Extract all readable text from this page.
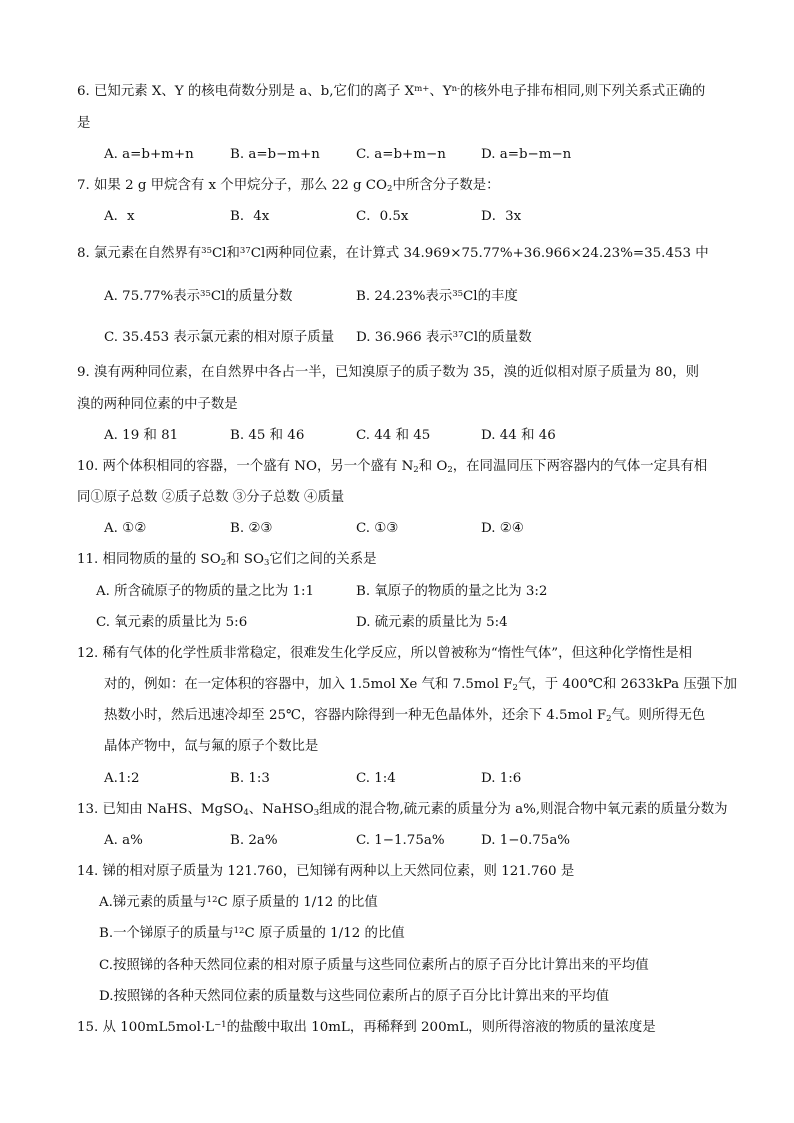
6. 已知元素 X、Y 的核电荷数分别是 a、b,它们的离子 $X^{m+}$、$Y^{n-}$的核外电子排布相同,则下列关系式正确的
是
A. a=b+m+n	B. a=b−m+n	C. a=b+m−n	D. a=b−m−n
7. 如果 2 g 甲烷含有 x 个甲烷分子，那么 22 g $CO_2$中所含分子数是：
A．x	B．4x	C．0.5x	D．3x
8. 氯元素在自然界有$^{35}$Cl和$^{37}$Cl两种同位素，在计算式 34.969×75.77%+36.966×24.23%=35.453 中
A. 75.77%表示$^{35}$Cl的质量分数	B. 24.23%表示$^{35}$Cl的丰度
C. 35.453 表示氯元素的相对原子质量 D. 36.966 表示$^{37}$Cl的质量数
9. 溴有两种同位素，在自然界中各占一半，已知溴原子的质子数为 35，溴的近似相对原子质量为 80，则
溴的两种同位素的中子数是
A. 19 和 81	B. 45 和 46	C. 44 和 45	D. 44 和 46
10. 两个体积相同的容器，一个盛有 NO，另一个盛有 $N_2$和 $O_2$，在同温同压下两容器内的气体一定具有相
同①原子总数 ②质子总数 ③分子总数 ④质量
A. ①②	B. ②③	C. ①③	D. ②④
11. 相同物质的量的 $SO_2$和 $SO_3$它们之间的关系是
A. 所含硫原子的物质的量之比为 1:1	B. 氧原子的物质的量之比为 3:2
C. 氧元素的质量比为 5:6	D. 硫元素的质量比为 5:4
12. 稀有气体的化学性质非常稳定，很难发生化学反应，所以曾被称为“惰性气体”，但这种化学惰性是相
对的，例如：在一定体积的容器中，加入 1.5mol Xe 气和 7.5mol $F_2$气，于 400℃和 2633kPa 压强下加
热数小时，然后迅速冷却至 25℃，容器内除得到一种无色晶体外，还余下 4.5mol $F_2$气。则所得无色
晶体产物中，氙与氟的原子个数比是
A.1:2	B. 1:3	C. 1:4	D. 1:6
13. 已知由 NaHS、MgSO$_4$、NaHSO$_3$组成的混合物,硫元素的质量分为 a%,则混合物中氧元素的质量分数为
A. a%	B. 2a%	C. 1−1.75a%	D. 1−0.75a%
14. 锑的相对原子质量为 121.760，已知锑有两种以上天然同位素，则 121.760 是
A.锑元素的质量与$^{12}$C 原子质量的 1/12 的比值
B.一个锑原子的质量与$^{12}$C 原子质量的 1/12 的比值
C.按照锑的各种天然同位素的相对原子质量与这些同位素所占的原子百分比计算出来的平均值
D.按照锑的各种天然同位素的质量数与这些同位素所占的原子百分比计算出来的平均值
15. 从 $100mL5mol\cdot L^{-1}$的盐酸中取出 10mL，再稀释到 200mL，则所得溶液的物质的量浓度是
